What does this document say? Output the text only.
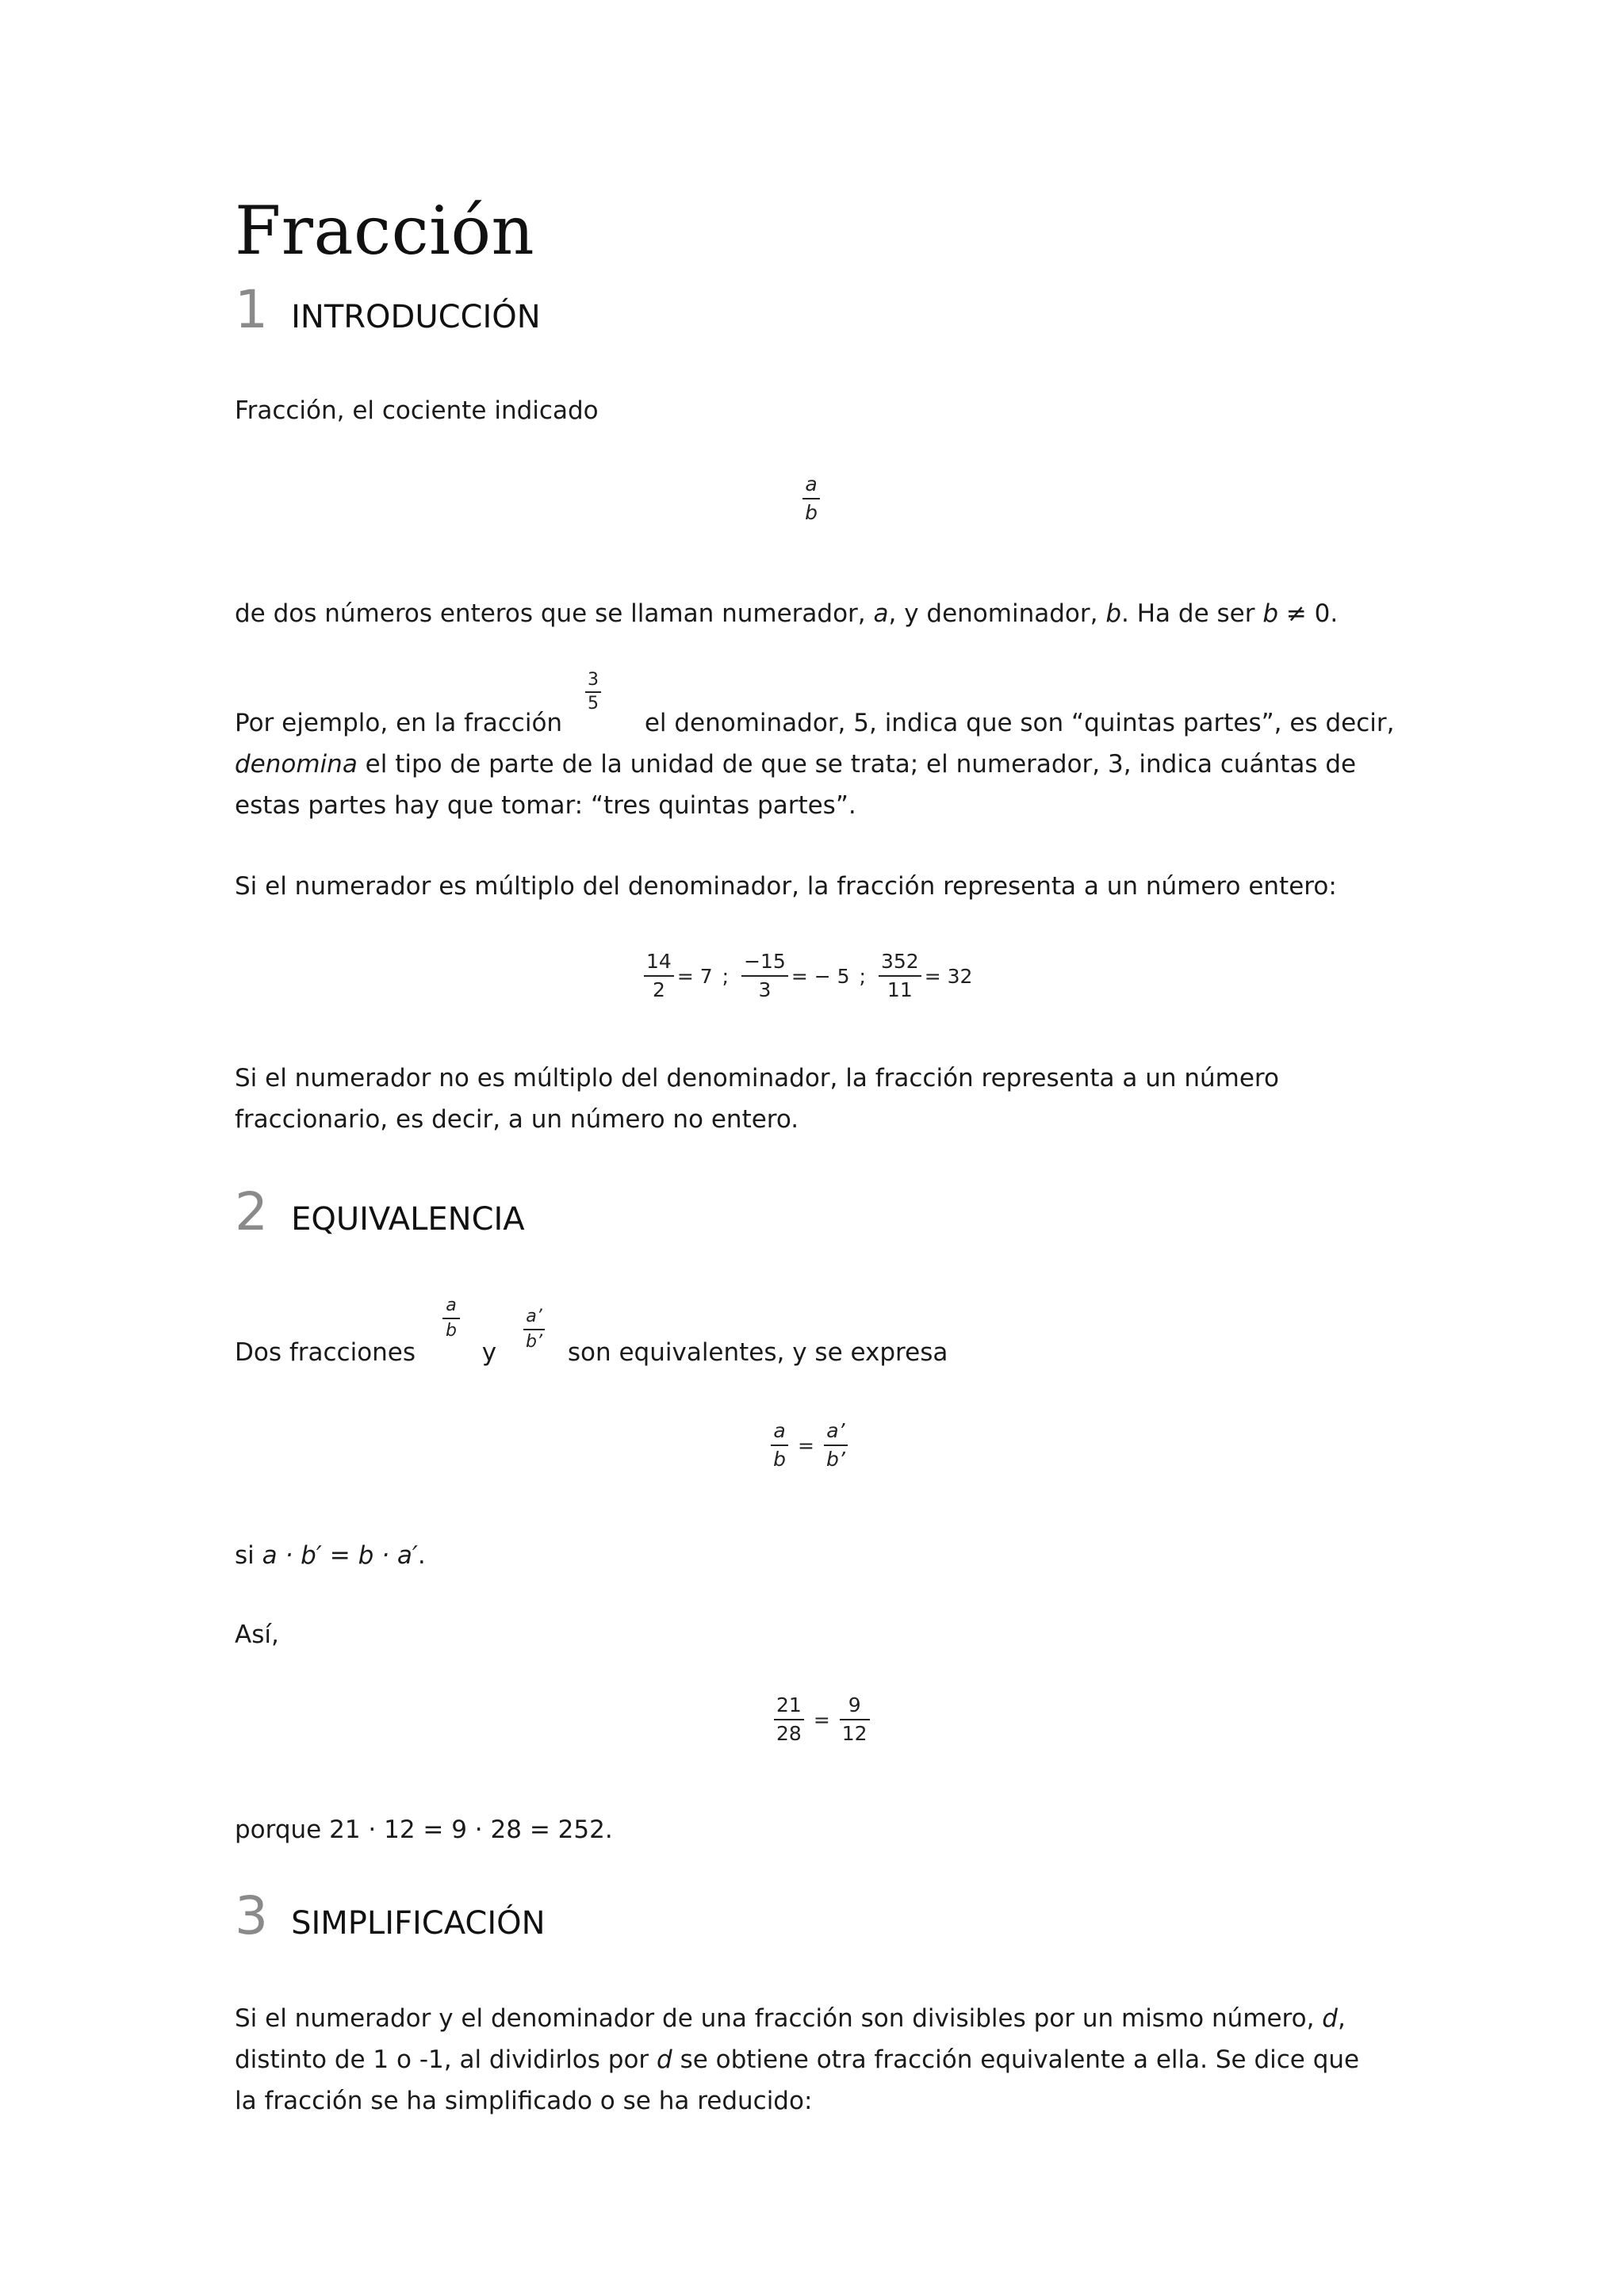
Fracción
1 INTRODUCCIÓN
Fracción, el cociente indicado
$\frac{a}{b}$
de dos números enteros que se llaman numerador, a, y denominador, b. Ha de ser b ≠ 0.
Por ejemplo, en la fracción	el denominador, 5, indica que son “quintas partes”, es decir,
$\frac{3}{5}$
denomina el tipo de parte de la unidad de que se trata; el numerador, 3, indica cuántas de
estas partes hay que tomar: “tres quintas partes”.
Si el numerador es múltiplo del denominador, la fracción representa a un número entero:
$\frac{14}{2} = 7$ ; $\frac{-15}{3}$ = − 5 ; $\frac{352}{11} = 32$
Si el numerador no es múltiplo del denominador, la fracción representa a un número
fraccionario, es decir, a un número no entero.
2 EQUIVALENCIA
Dos fracciones	y	son equivalentes, y se expresa
$\frac{a}{b}$	$\frac{a’}{b’}$
$\frac{a}{b} = \frac{a’}{b’}$
si a · b′ = b · a′.
Así,
$\frac{21}{28} = \frac{9}{12}$
porque 21 · 12 = 9 · 28 = 252.
3 SIMPLIFICACIÓN
Si el numerador y el denominador de una fracción son divisibles por un mismo número, d,
distinto de 1 o -1, al dividirlos por d se obtiene otra fracción equivalente a ella. Se dice que
la fracción se ha simplificado o se ha reducido:
